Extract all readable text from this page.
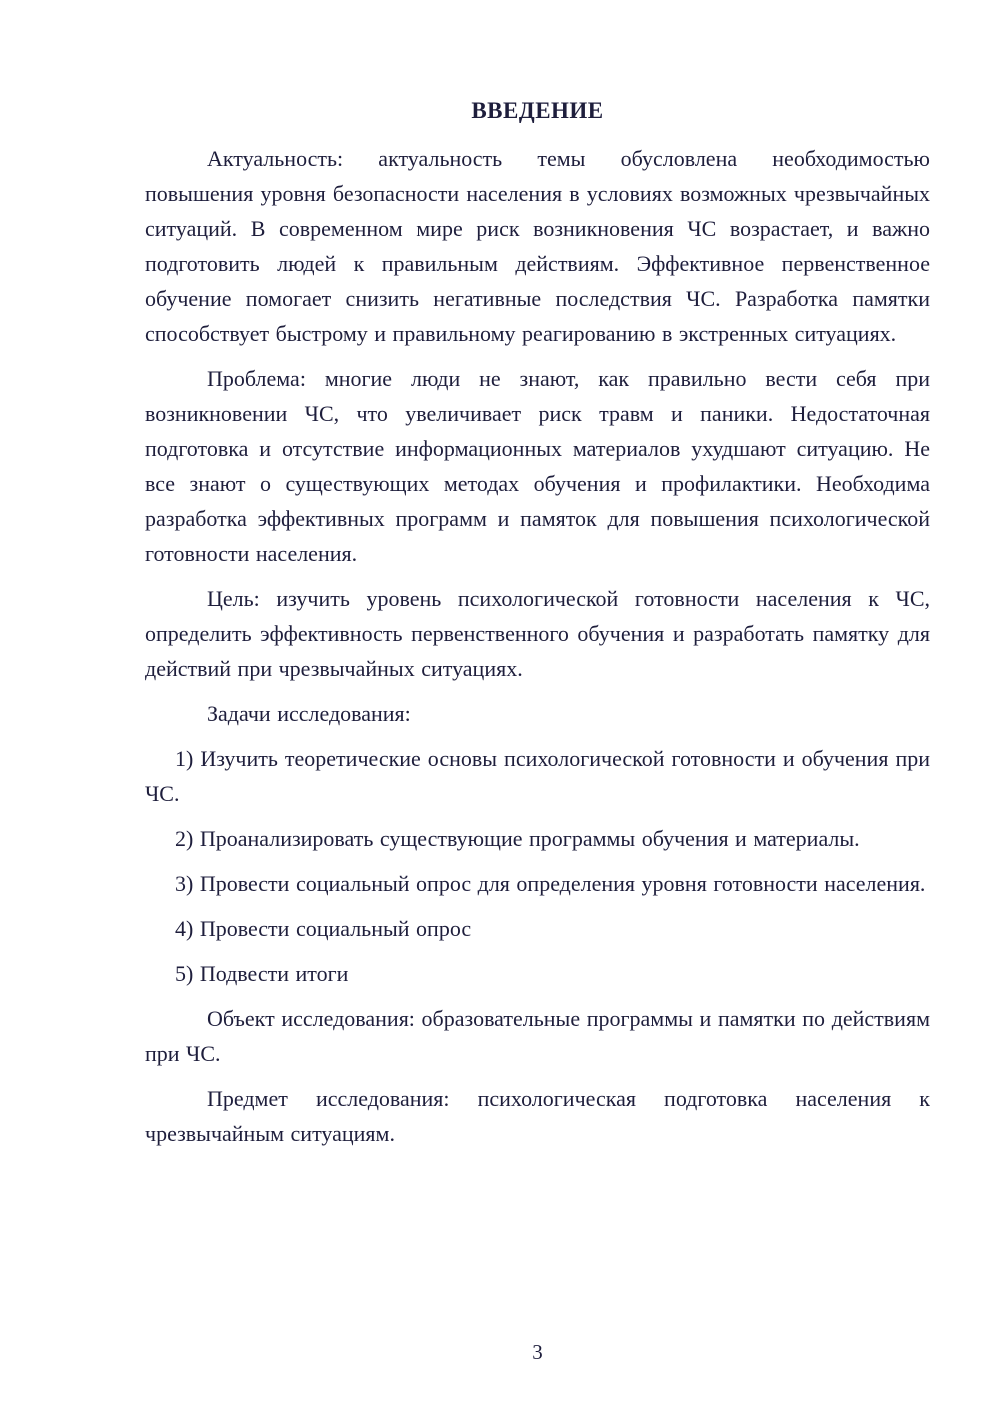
ВВЕДЕНИЕ

Актуальность: актуальность темы обусловлена необходимостью повышения уровня безопасности населения в условиях возможных чрезвычайных ситуаций. В современном мире риск возникновения ЧС возрастает, и важно подготовить людей к правильным действиям. Эффективное первенственное обучение помогает снизить негативные последствия ЧС. Разработка памятки способствует быстрому и правильному реагированию в экстренных ситуациях.

Проблема: многие люди не знают, как правильно вести себя при возникновении ЧС, что увеличивает риск травм и паники. Недостаточная подготовка и отсутствие информационных материалов ухудшают ситуацию. Не все знают о существующих методах обучения и профилактики. Необходима разработка эффективных программ и памяток для повышения психологической готовности населения.

Цель: изучить уровень психологической готовности населения к ЧС, определить эффективность первенственного обучения и разработать памятку для действий при чрезвычайных ситуациях.

Задачи исследования:

1) Изучить теоретические основы психологической готовности и обучения при ЧС.

2) Проанализировать существующие программы обучения и материалы.

3) Провести социальный опрос для определения уровня готовности населения.

4) Провести социальный опрос

5) Подвести итоги

Объект исследования: образовательные программы и памятки по действиям при ЧС.

Предмет исследования: психологическая подготовка населения к чрезвычайным ситуациям.

3
